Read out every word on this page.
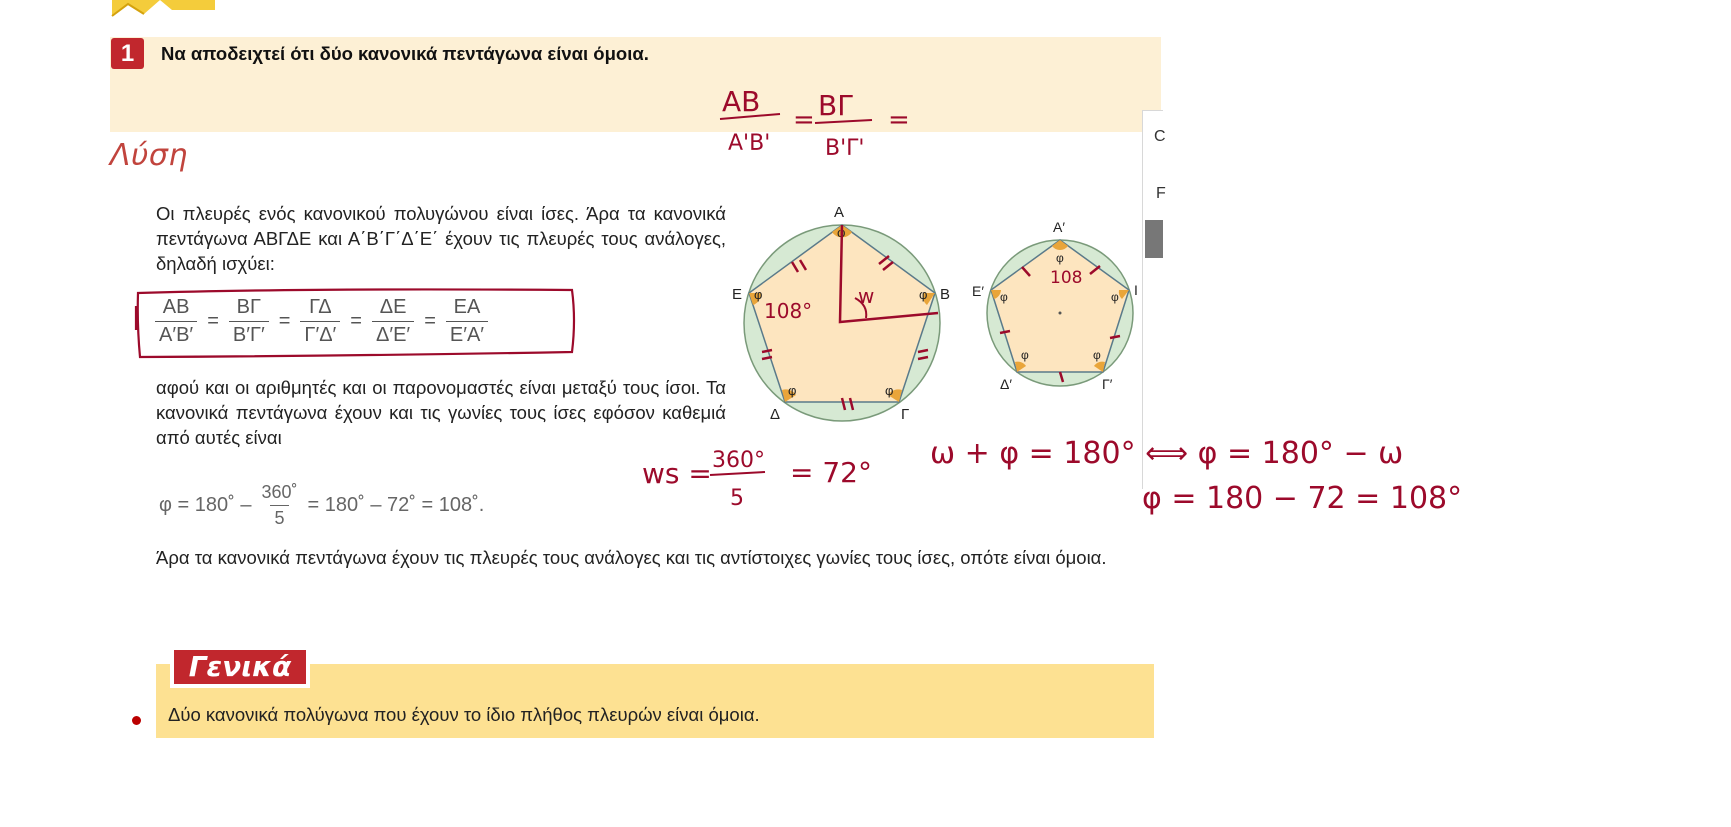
1	Να αποδειχτεί ότι δύο κανονικά πεντάγωνα είναι όμοια.
Λύση
Οι πλευρές ενός κανονικού πολυγώνου είναι ίσες. Άρα τα κανονικά πεντάγωνα ΑΒΓΔΕ και Α΄Β΄Γ΄Δ΄Ε΄ έχουν τις πλευρές τους ανάλογες, δηλαδή ισχύει:
$\frac{AB}{A'B'} = \frac{B\Gamma}{B'\Gamma'} = \frac{\Gamma\Delta}{\Gamma'\Delta'} = \frac{\Delta E}{\Delta'E'} = \frac{EA}{E'A'}$
αφού και οι αριθμητές και οι παρονομαστές είναι μεταξύ τους ίσοι. Τα κανονικά πεντάγωνα έχουν και τις γωνίες τους ίσες εφόσον καθεμιά από αυτές είναι
φ = 180˚ – $\frac{360˚}{5}$ = 180˚ – 72˚ = 108˚.
Άρα τα κανονικά πεντάγωνα έχουν τις πλευρές τους ανάλογες και τις αντίστοιχες γωνίες τους ίσες, οπότε είναι όμοια.
Γενικά
Δύο κανονικά πολύγωνα που έχουν το ίδιο πλήθος πλευρών είναι όμοια.
C
F
Α
Β
Γ
Δ
Ε
φ
φ
φ
φ
φ
Α′
Ι
Γ′
Δ′
Ε′
φ
φ
φ
φ
φ
ΑΒ
Α'Β'
= ΒΓ
Β'Γ'
=
w
108°
108
ws = 360°
5
= 72°
ω + φ = 180° ⟺ φ = 180° − ω
φ = 180 − 72 = 108°
